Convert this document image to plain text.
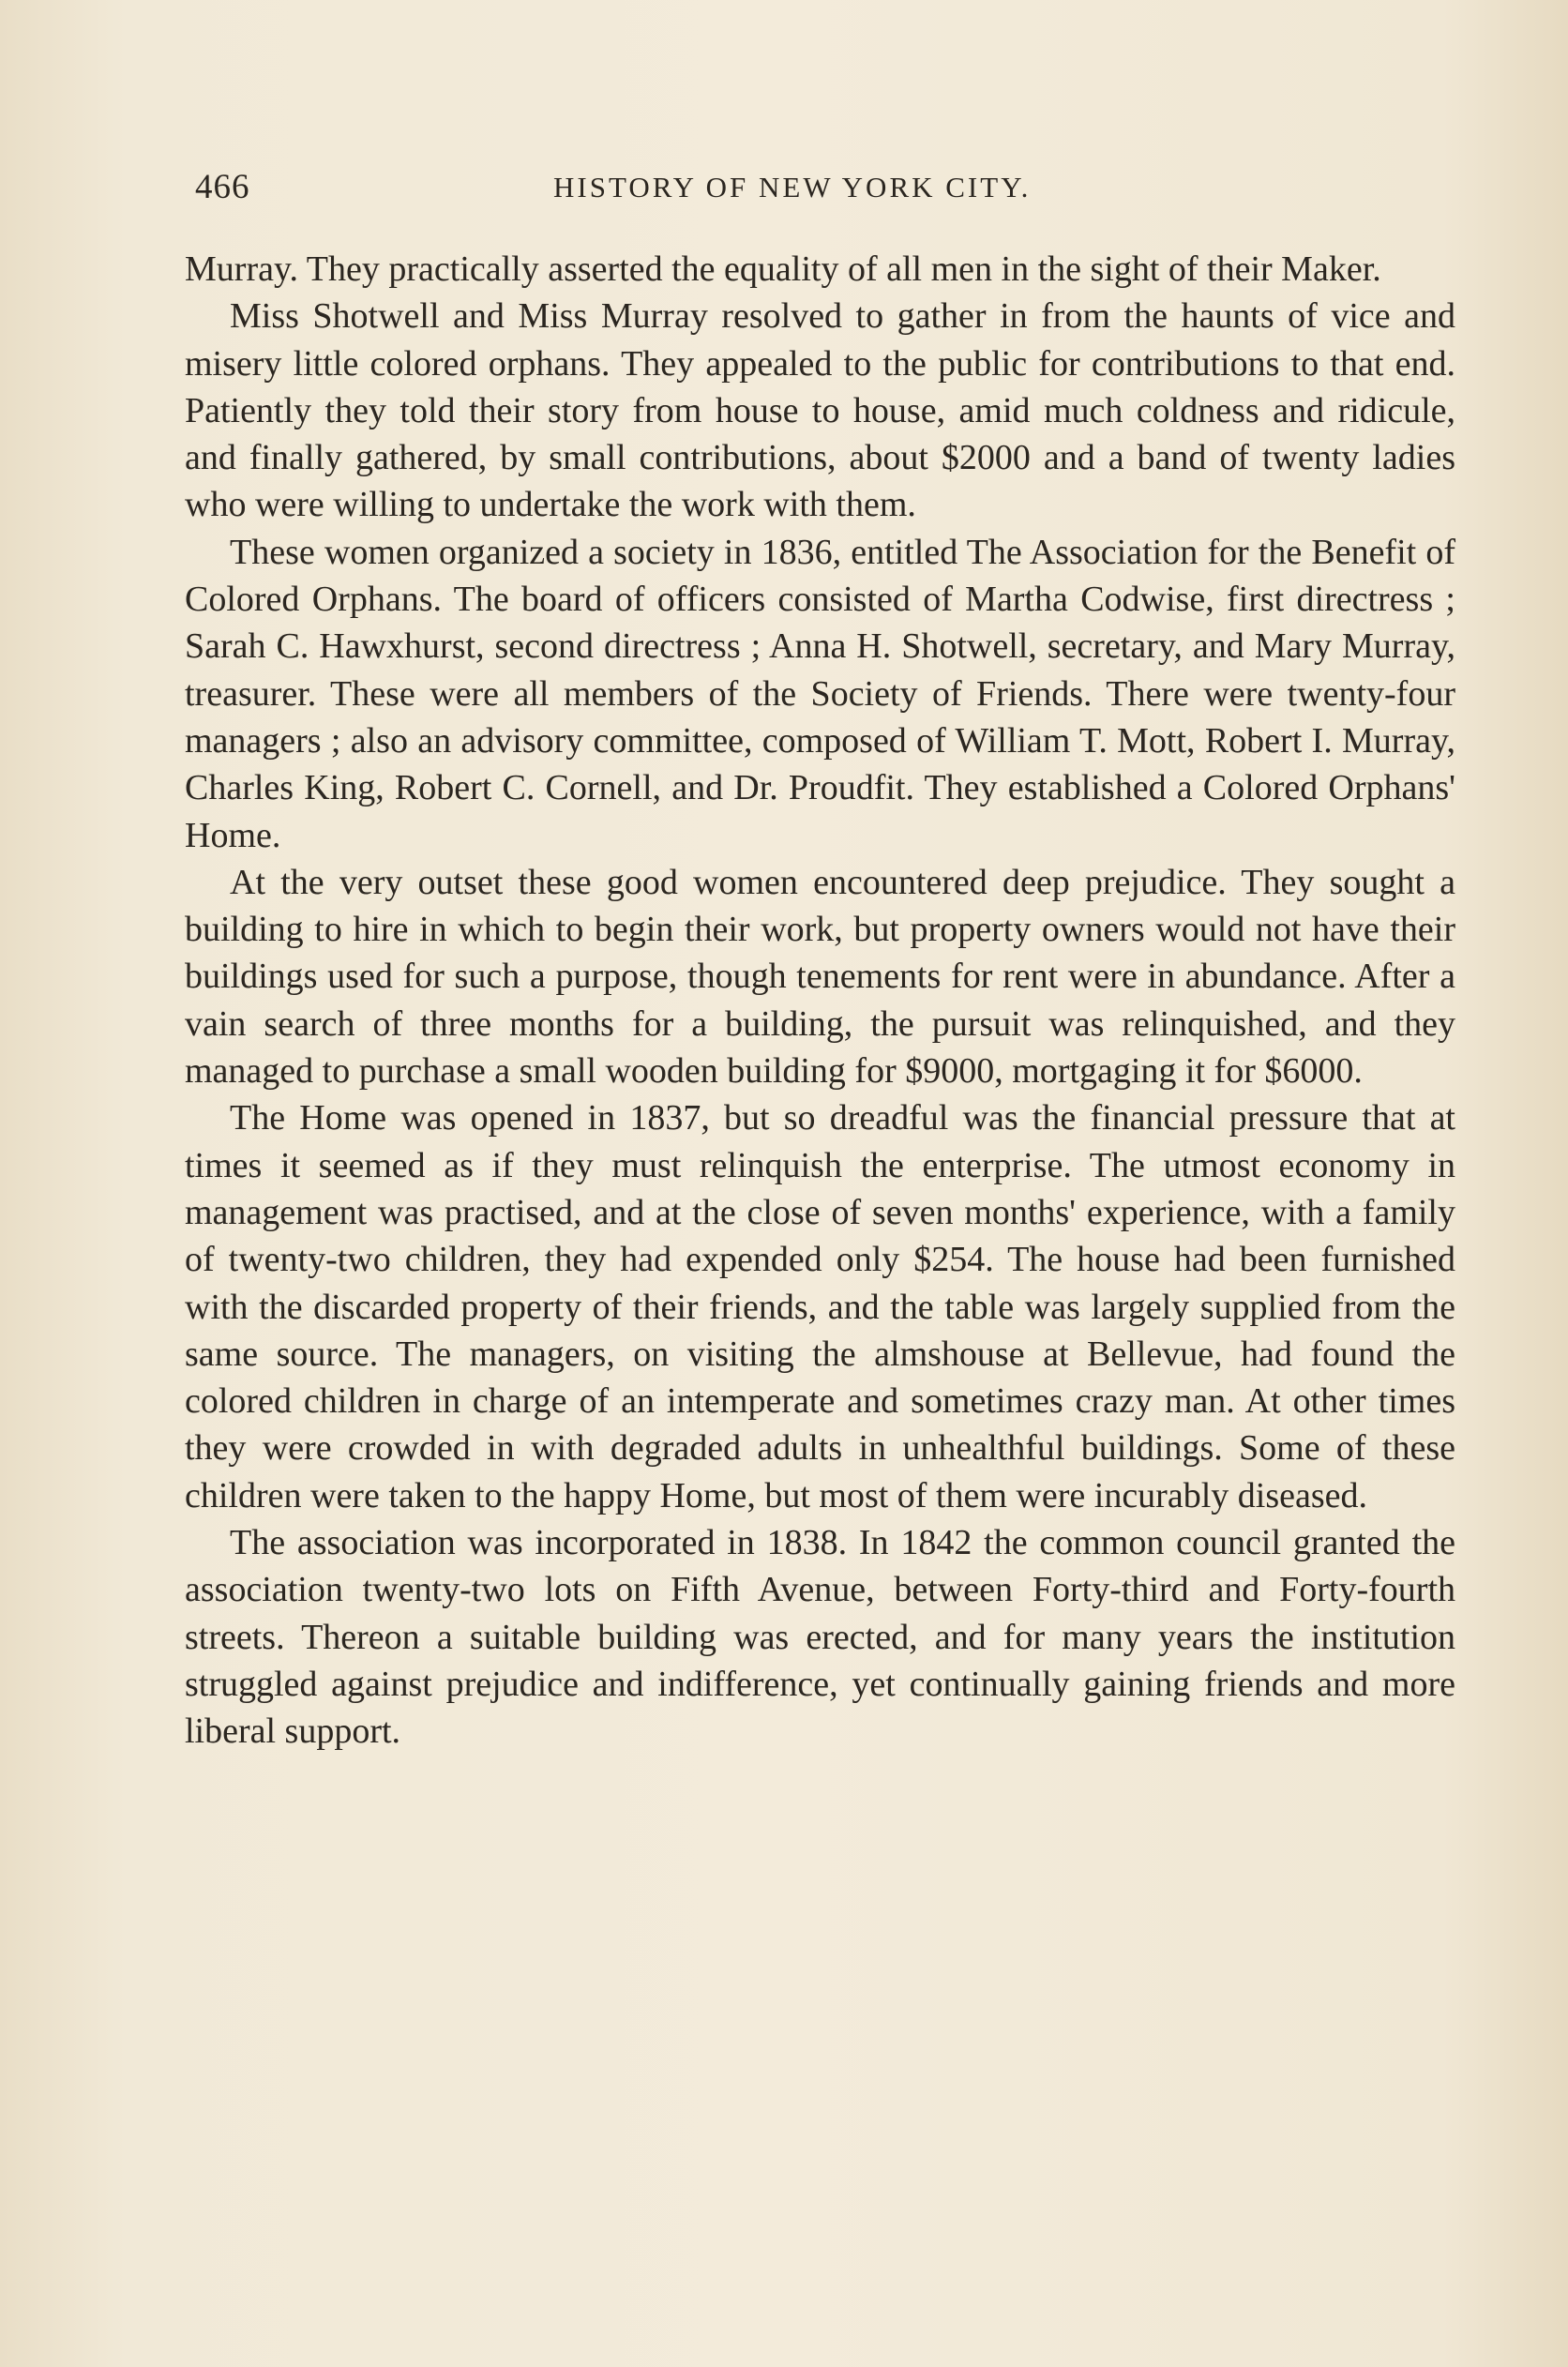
466	HISTORY OF NEW YORK CITY.

Murray. They practically asserted the equality of all men in the sight of their Maker.

Miss Shotwell and Miss Murray resolved to gather in from the haunts of vice and misery little colored orphans. They appealed to the public for contributions to that end. Patiently they told their story from house to house, amid much coldness and ridicule, and finally gathered, by small contributions, about $2000 and a band of twenty ladies who were willing to undertake the work with them.

These women organized a society in 1836, entitled The Association for the Benefit of Colored Orphans. The board of officers consisted of Martha Codwise, first directress ; Sarah C. Hawxhurst, second directress ; Anna H. Shotwell, secretary, and Mary Murray, treasurer. These were all members of the Society of Friends. There were twenty-four managers ; also an advisory committee, composed of William T. Mott, Robert I. Murray, Charles King, Robert C. Cornell, and Dr. Proudfit. They established a Colored Orphans' Home.

At the very outset these good women encountered deep prejudice. They sought a building to hire in which to begin their work, but property owners would not have their buildings used for such a purpose, though tenements for rent were in abundance. After a vain search of three months for a building, the pursuit was relinquished, and they managed to purchase a small wooden building for $9000, mortgaging it for $6000.

The Home was opened in 1837, but so dreadful was the financial pressure that at times it seemed as if they must relinquish the enterprise. The utmost economy in management was practised, and at the close of seven months' experience, with a family of twenty-two children, they had expended only $254. The house had been furnished with the discarded property of their friends, and the table was largely supplied from the same source. The managers, on visiting the almshouse at Bellevue, had found the colored children in charge of an intemperate and sometimes crazy man. At other times they were crowded in with degraded adults in unhealthful buildings. Some of these children were taken to the happy Home, but most of them were incurably diseased.

The association was incorporated in 1838. In 1842 the common council granted the association twenty-two lots on Fifth Avenue, between Forty-third and Forty-fourth streets. Thereon a suitable building was erected, and for many years the institution struggled against prejudice and indifference, yet continually gaining friends and more liberal support.
